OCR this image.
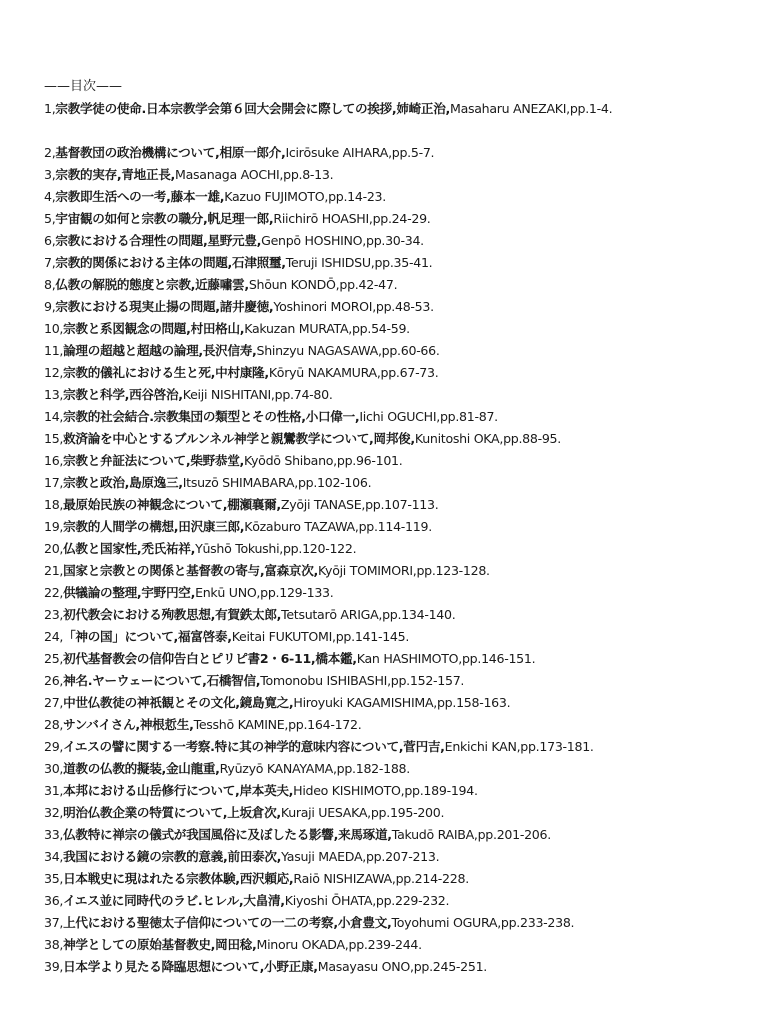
——目次——
1,宗教学徒の使命.日本宗教学会第６回大会開会に際しての挨拶,姉崎正治,Masaharu ANEZAKI,pp.1-4.
2,基督教団の政治機構について,相原一郎介,Icirōsuke AIHARA,pp.5-7.
3,宗教的実存,青地正長,Masanaga AOCHI,pp.8-13.
4,宗教即生活への一考,藤本一雄,Kazuo FUJIMOTO,pp.14-23.
5,宇宙観の如何と宗教の職分,帆足理一郎,Riichirō HOASHI,pp.24-29.
6,宗教における合理性の問題,星野元豊,Genpō HOSHINO,pp.30-34.
7,宗教的関係における主体の問題,石津照璽,Teruji ISHIDSU,pp.35-41.
8,仏教の解脱的態度と宗教,近藤嘯雲,Shōun KONDŌ,pp.42-47.
9,宗教における現実止揚の問題,諸井慶徳,Yoshinori MOROI,pp.48-53.
10,宗教と系図観念の問題,村田格山,Kakuzan MURATA,pp.54-59.
11,論理の超越と超越の論理,長沢信寿,Shinzyu NAGASAWA,pp.60-66.
12,宗教的儀礼における生と死,中村康隆,Kōryū NAKAMURA,pp.67-73.
13,宗教と科学,西谷啓治,Keiji NISHITANI,pp.74-80.
14,宗教的社会結合.宗教集団の類型とその性格,小口偉一,Iichi OGUCHI,pp.81-87.
15,救済論を中心とするブルンネル神学と親鸞教学について,岡邦俊,Kunitoshi OKA,pp.88-95.
16,宗教と弁証法について,柴野恭堂,Kyōdō Shibano,pp.96-101.
17,宗教と政治,島原逸三,Itsuzō SHIMABARA,pp.102-106.
18,最原始民族の神観念について,棚瀬襄爾,Zyōji TANASE,pp.107-113.
19,宗教的人間学の構想,田沢康三郎,Kōzaburo TAZAWA,pp.114-119.
20,仏教と国家性,禿氏祐祥,Yūshō Tokushi,pp.120-122.
21,国家と宗教との関係と基督教の寄与,富森京次,Kyōji TOMIMORI,pp.123-128.
22,供犠論の整理,宇野円空,Enkū UNO,pp.129-133.
23,初代教会における殉教思想,有賀鉄太郎,Tetsutarō ARIGA,pp.134-140.
24,「神の国」について,福富啓泰,Keitai FUKUTOMI,pp.141-145.
25,初代基督教会の信仰告白とピリピ書2・6-11,橋本鑑,Kan HASHIMOTO,pp.146-151.
26,神名.ヤーウェーについて,石橋智信,Tomonobu ISHIBASHI,pp.152-157.
27,中世仏教徒の神祇観とその文化,鏡島寛之,Hiroyuki KAGAMISHIMA,pp.158-163.
28,サンバイさん,神根悊生,Tesshō KAMINE,pp.164-172.
29,イエスの譬に関する一考察.特に其の神学的意味内容について,菅円吉,Enkichi KAN,pp.173-181.
30,道教の仏教的擬装,金山龍重,Ryūzyō KANAYAMA,pp.182-188.
31,本邦における山岳修行について,岸本英夫,Hideo KISHIMOTO,pp.189-194.
32,明治仏教企業の特質について,上坂倉次,Kuraji UESAKA,pp.195-200.
33,仏教特に禅宗の儀式が我国風俗に及ぼしたる影響,来馬琢道,Takudō RAIBA,pp.201-206.
34,我国における鏡の宗教的意義,前田泰次,Yasuji MAEDA,pp.207-213.
35,日本戦史に現はれたる宗教体験,西沢頼応,Raiō NISHIZAWA,pp.214-228.
36,イエス並に同時代のラビ.ヒレル,大畠清,Kiyoshi ŌHATA,pp.229-232.
37,上代における聖徳太子信仰についての一二の考察,小倉豊文,Toyohumi OGURA,pp.233-238.
38,神学としての原始基督教史,岡田稔,Minoru OKADA,pp.239-244.
39,日本学より見たる降臨思想について,小野正康,Masayasu ONO,pp.245-251.
